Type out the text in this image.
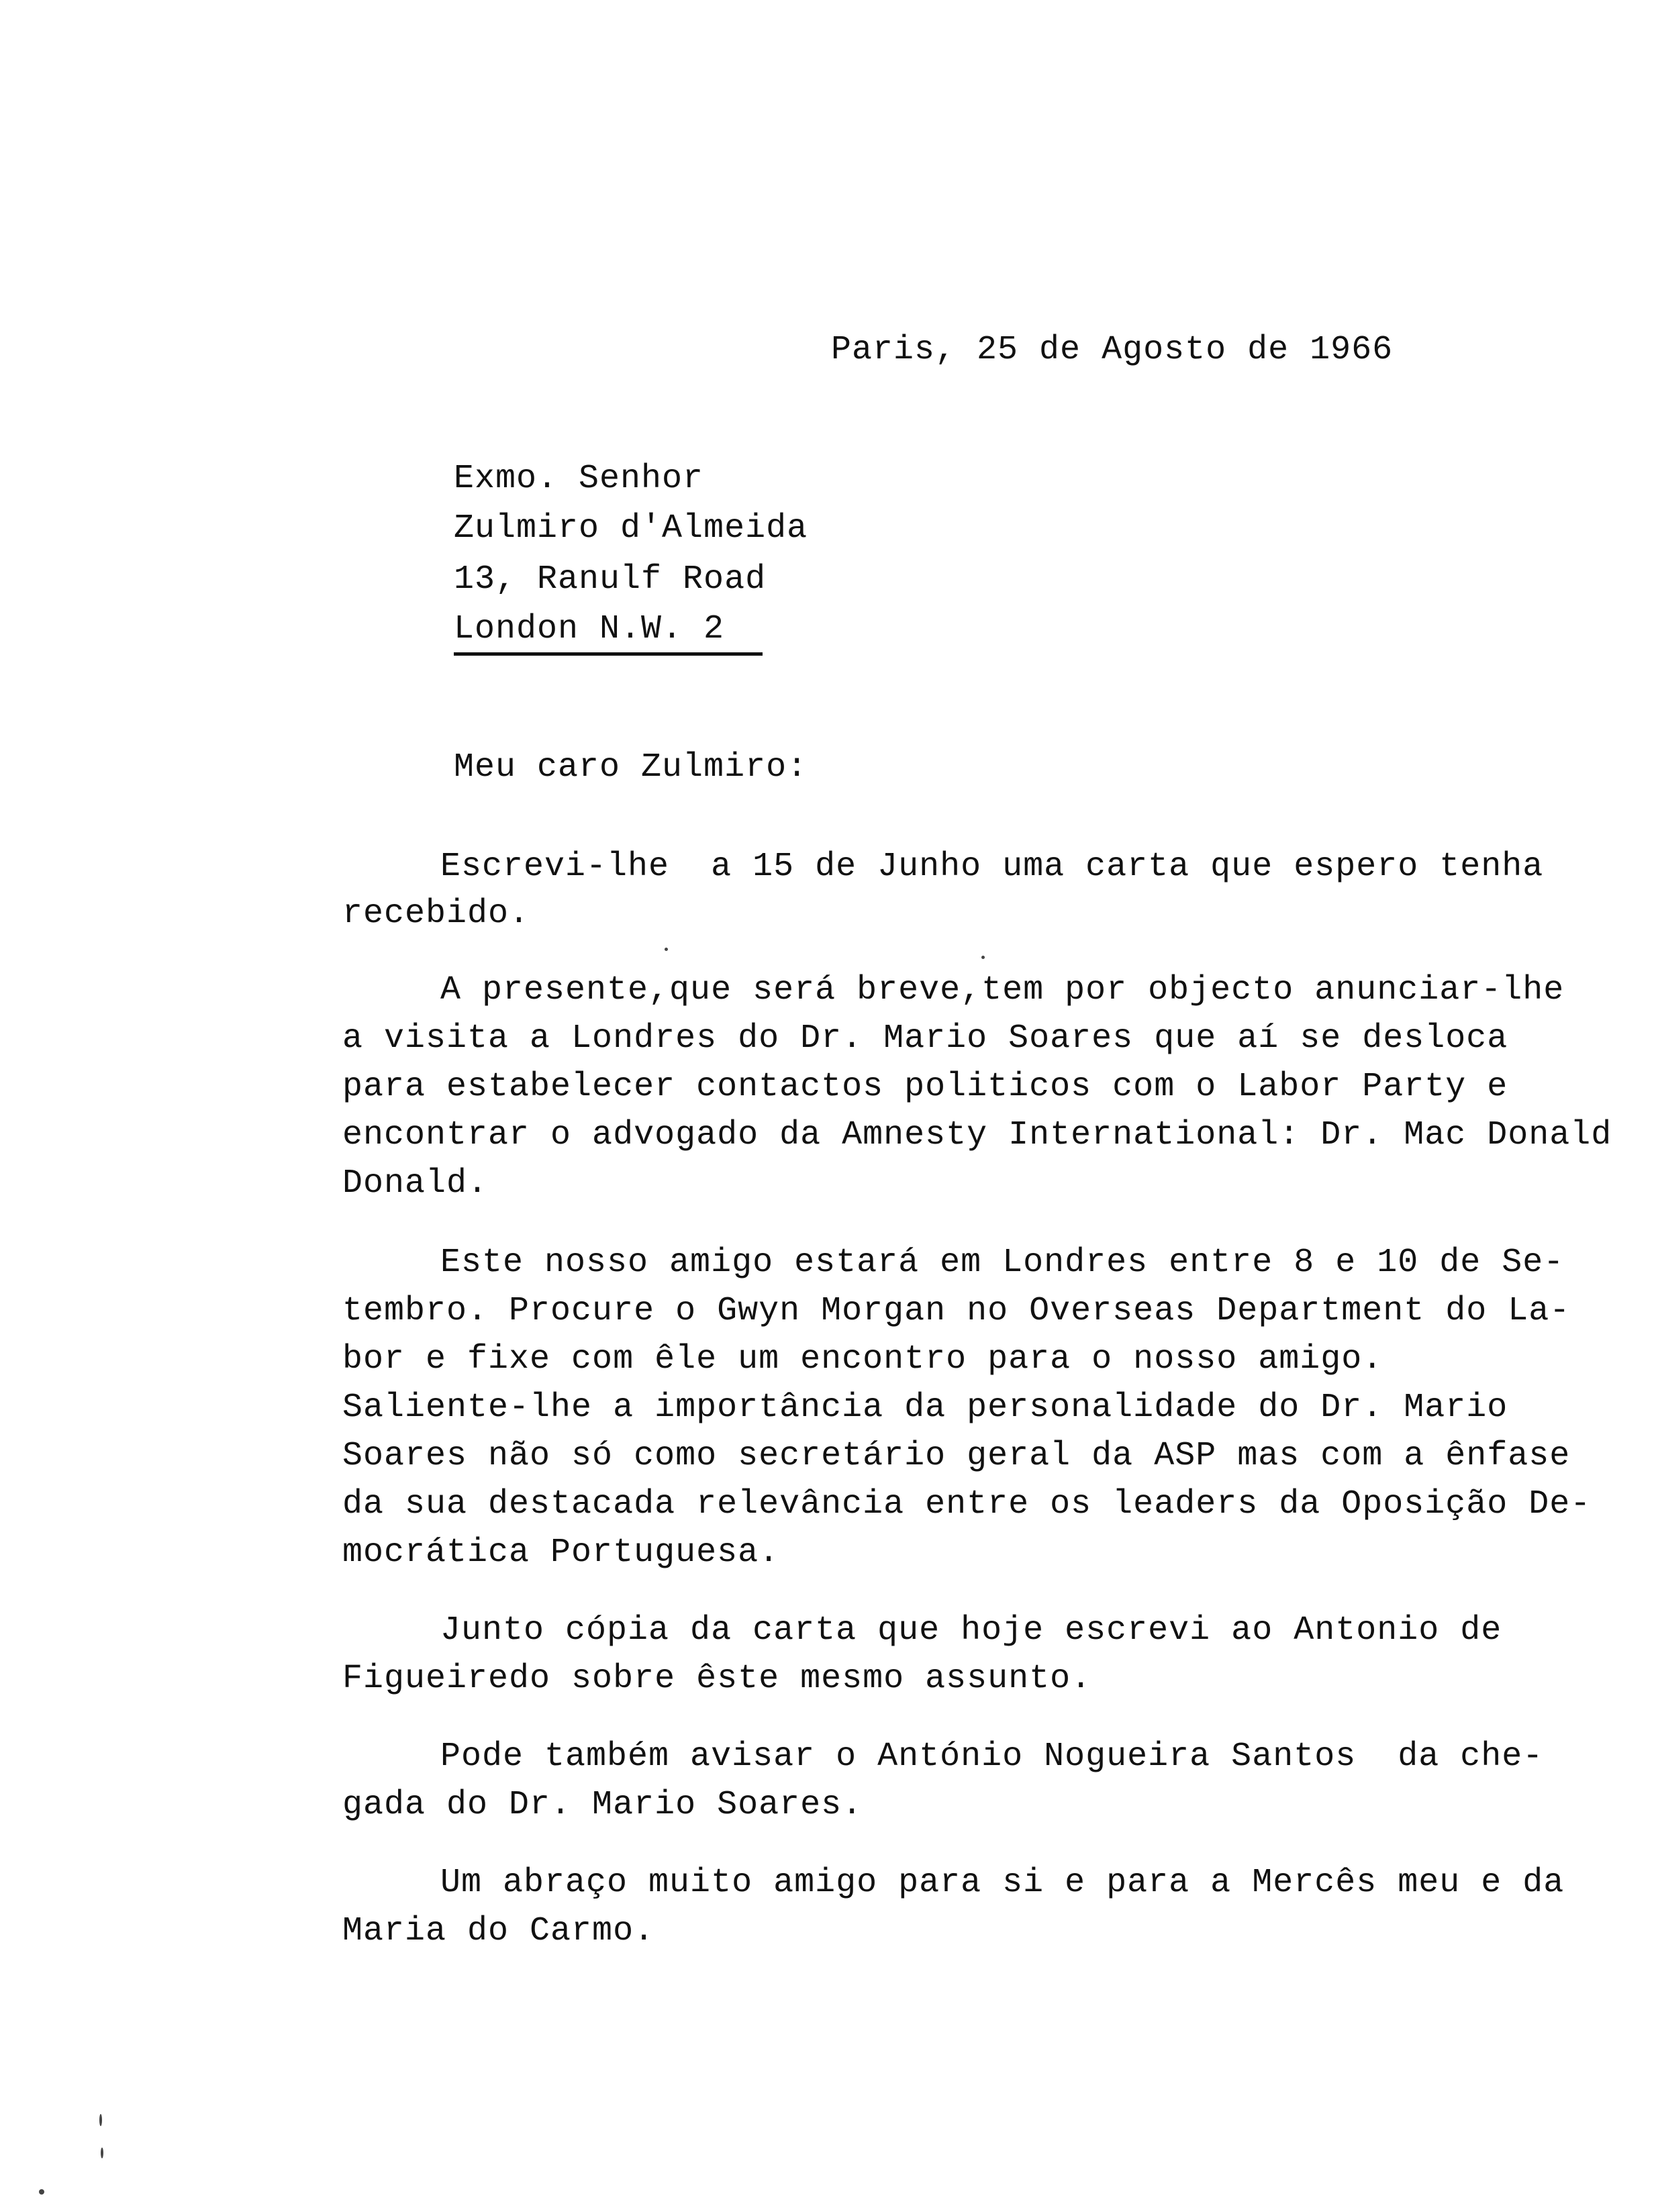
Paris, 25 de Agosto de 1966
Exmo. Senhor
Zulmiro d'Almeida
13, Ranulf Road
London N.W. 2
Meu caro Zulmiro:
Escrevi-lhe  a 15 de Junho uma carta que espero tenha
recebido.
A presente,que será breve,tem por objecto anunciar-lhe
a visita a Londres do Dr. Mario Soares que aí se desloca
para estabelecer contactos politicos com o Labor Party e
encontrar o advogado da Amnesty International: Dr. Mac Donald
Donald.
Este nosso amigo estará em Londres entre 8 e 10 de Se-
tembro. Procure o Gwyn Morgan no Overseas Department do La-
bor e fixe com êle um encontro para o nosso amigo.
Saliente-lhe a importância da personalidade do Dr. Mario
Soares não só como secretário geral da ASP mas com a ênfase
da sua destacada relevância entre os leaders da Oposição De-
mocrática Portuguesa.
Junto cópia da carta que hoje escrevi ao Antonio de
Figueiredo sobre êste mesmo assunto.
Pode também avisar o António Nogueira Santos  da che-
gada do Dr. Mario Soares.
Um abraço muito amigo para si e para a Mercês meu e da
Maria do Carmo.
